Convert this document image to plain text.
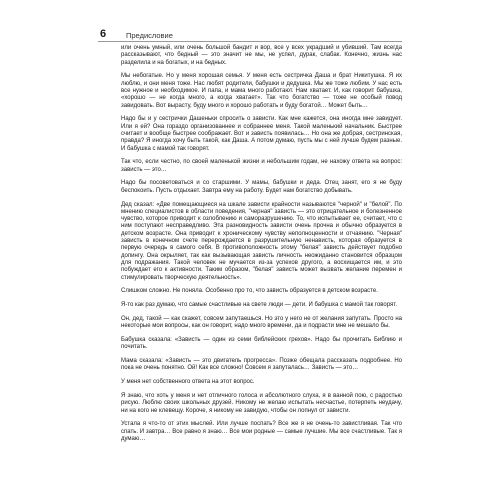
6	Предисловие

или очень умный, или очень большой бандит и вор, все у всех украдший и убивший. Там всегда рассказывают, что бедный — это значит не мы, не успел, дурак, слабак. Конечно, жизнь нас разделила и на богатых, и на бедных.

Мы небогатые. Но у меня хорошая семья. У меня есть сестричка Даша и брат Никитушка. Я их люблю, и они меня тоже. Нас любят родители, бабушки и дедушка. Мы же тоже любим. У нас есть все нужное и необходимое. И папа, и мама много работают. Нам хватает. И, как говорит бабушка, «хорошо — не когда много, а когда хватает». Так что богатство — тоже не особый повод завидовать. Вот вырасту, буду много и хорошо работать и буду богатой… Может быть…

Надо бы и у сестрички Дашеньки спросить о зависти. Как мне кажется, она иногда мне завидует. Или я ей? Она гораздо организованнее и собраннее меня. Такой маленький начальник. Быстрее считает и вообще быстрее соображает. Вот и зависть появилась… Но она же добрая, сестринская, правда? Я иногда хочу быть такой, как Даша. А потом думаю, пусть мы с ней лучше будем разные. И бабушка с мамой так говорят.

Так что, если честно, по своей маленькой жизни и небольшим годам, не нахожу ответа на вопрос: зависть — это…

Надо бы посоветоваться и со старшими. У мамы, бабушки и деда. Отец занят, его я не буду беспокоить. Пусть отдыхает. Завтра ему на работу. Будет нам богатство добывать.

Дед сказал: «Две помещающиеся на шкале зависти крайности называются "черной" и "белой". По мнению специалистов в области поведения, "черная" зависть — это отрицательное и болезненное чувство, которое приводит к озлоблению и саморазрушению. То, что испытывает ее, считает, что с ним поступают несправедливо. Эта разновидность зависти очень прочна и обычно образуется в детском возрасте. Она приводит к хроническому чувству неполноценности и отчаянию. "Черная" зависть в конечном счете перерождается в разрушительную ненависть, которая образуется в первую очередь в самого себя. В противоположность этому "белая" зависть действует подобно допингу. Она окрыляет, так как вызывающая зависть личность неожиданно становится образцом для подражания. Такой человек не мучается из-за успехов другого, а восхищается им, и это побуждает его к активности. Таким образом, "белая" зависть может вызвать желание перемен и стимулировать творческую деятельность».

Слишком сложно. Не поняла. Особенно про то, что зависть образуется в детском возрасте.

Я-то как раз думаю, что самые счастливые на свете люди — дети. И бабушка с мамой так говорят.

Он, дед, такой — как скажет, совсем запутаешься. Но это у него не от желания запутать. Просто на некоторые мои вопросы, как он говорит, надо много времени, да и подрасти мне не мешало бы.

Бабушка сказала: «Зависть — один из семи библейских грехов». Надо бы прочитать Библию и почитать.

Мама сказала: «Зависть — это двигатель прогресса». Позже обещала рассказать подробнее. Но пока не очень понятно. Ой! Как все сложно! Совсем я запуталась… Зависть — это…

У меня нет собственного ответа на этот вопрос.

Я знаю, что хоть у меня и нет отличного голоса и абсолютного слуха, я в ванной пою, с радостью рисую. Люблю своих школьных друзей. Никому не желаю испытать несчастье, потерпеть неудачу, ни на кого не клевещу. Короче, я никому не завидую, чтобы он лопнул от зависти.

Устала я что-то от этих мыслей. Или лучше поспать? Все же я не очень-то завистливая. Так что спать. И завтра… Все равно я знаю… Все мои родные — самые лучшие. Мы все счастливые. Так я думаю…
